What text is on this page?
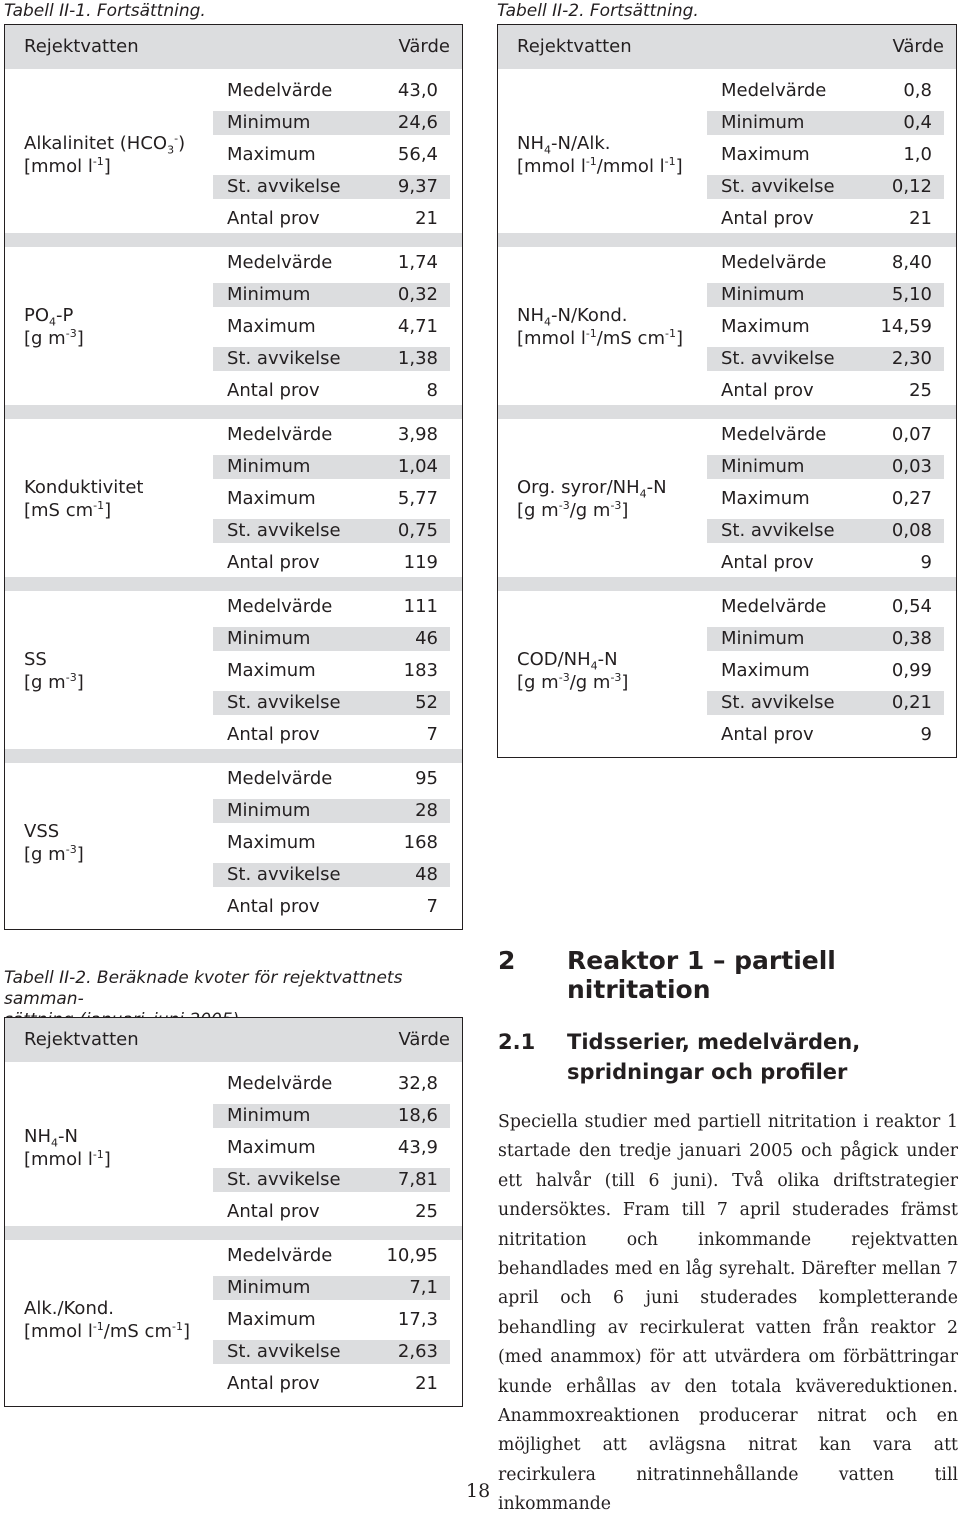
Tabell II-1. Fortsättning.	Tabell II-2. Fortsättning.
Tabell II-2. Beräknade kvoter för rejektvattnets samman-

Rejektvatten	Värde
Alkalinitet $(HCO_3^-)$
[mmol $l^{-1}$]
Medelvärde	43,0
Minimum	24,6
Maximum	56,4
St. avvikelse	9,37
Antal prov	21
$PO_4-P$
[g $m^{-3}$]
Medelvärde	1,74
Minimum	0,32
Maximum	4,71
St. avvikelse	1,38
Antal prov	8
Konduktivitet
[mS $cm^{-1}$]
Medelvärde	3,98
Minimum	1,04
Maximum	5,77
St. avvikelse	0,75
Antal prov	119
SS
[g $m^{-3}$]
Medelvärde	111
Minimum	46
Maximum	183
St. avvikelse	52
Antal prov	7
VSS
[g $m^{-3}$]
Medelvärde	95
Minimum	28
Maximum	168
St. avvikelse	48
Antal prov	7
Rejektvatten	Värde
$NH_4-N$/Alk.
[mmol $l^{-1}$/mmol $l^{-1}$]
Medelvärde	0,8
Minimum	0,4
Maximum	1,0
St. avvikelse	0,12
Antal prov	21
$NH_4-N$/Kond.
[mmol $l^{-1}/mS$ $cm^{-1}$]
Medelvärde	8,40
Minimum	5,10
Maximum	14,59
St. avvikelse	2,30
Antal prov	25
Org. syror/$NH_4-N$
[g $m^{-3}/g$ $m^{-3}$]
Medelvärde	0,07
Minimum	0,03
Maximum	0,27
St. avvikelse	0,08
Antal prov	9
COD/$NH_4-N$
[g $m^{-3}/g$ $m^{-3}$]
Medelvärde	0,54
Minimum	0,38
Maximum	0,99
St. avvikelse	0,21
Antal prov	9
Rejektvatten	Värde
$NH_4-N$
[mmol $l^{-1}$]
Medelvärde	32,8
Minimum	18,6
Maximum	43,9
St. avvikelse	7,81
Antal prov	25
Alk./Kond.
[mmol $l^{-1}/mS$ $cm^{-1}$]
Medelvärde	10,95
Minimum	7,1
Maximum	17,3
St. avvikelse	2,63
Antal prov	21
2 Reaktor 1 – partiell nitritation
2.1 Tidsserier, medelvärden,
spridningar och profiler
Speciella studier med partiell nitritation i reaktor 1 startade den tredje januari 2005 och pågick under ett halvår (till 6 juni). Två olika driftstrategier undersöktes. Fram till 7 april studerades främst nitritation och inkommande rejektvatten behandlades med en låg syrehalt. Därefter mellan 7 april och 6 juni studerades kompletterande behandling av recirkulerat vatten från reaktor 2 (med anammox) för att utvärdera om förbättringar kunde erhållas av den totala kvävereduktionen. Anammoxreaktionen producerar nitrat och en möjlighet att avlägsna nitrat kan vara att recirkulera nitratinnehållande vatten till inkommande
18
